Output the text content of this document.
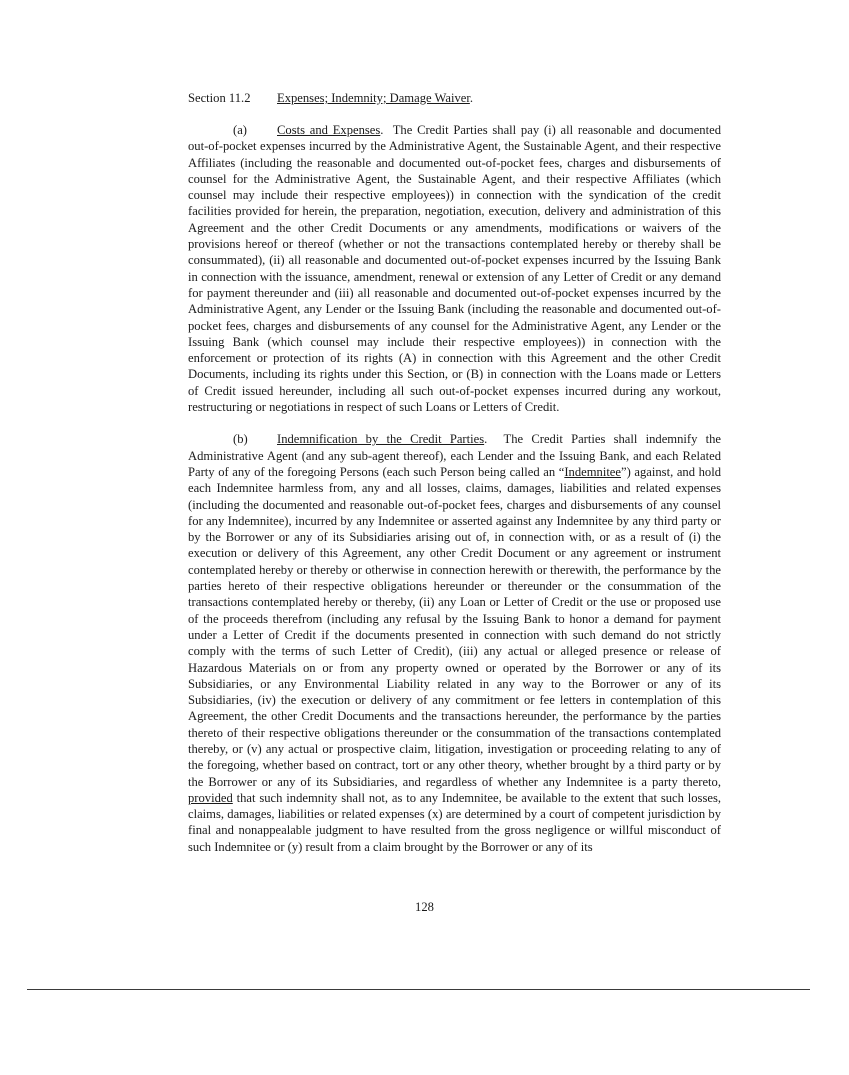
Section 11.2 Expenses; Indemnity; Damage Waiver.

(a) Costs and Expenses.  The Credit Parties shall pay (i) all reasonable and documented out-of-pocket expenses incurred by the Administrative Agent, the Sustainable Agent, and their respective Affiliates (including the reasonable and documented out-of-pocket fees, charges and disbursements of counsel for the Administrative Agent, the Sustainable Agent, and their respective Affiliates (which counsel may include their respective employees)) in connection with the syndication of the credit facilities provided for herein, the preparation, negotiation, execution, delivery and administration of this Agreement and the other Credit Documents or any amendments, modifications or waivers of the provisions hereof or thereof (whether or not the transactions contemplated hereby or thereby shall be consummated), (ii) all reasonable and documented out-of-pocket expenses incurred by the Issuing Bank in connection with the issuance, amendment, renewal or extension of any Letter of Credit or any demand for payment thereunder and (iii) all reasonable and documented out-of-pocket expenses incurred by the Administrative Agent, any Lender or the Issuing Bank (including the reasonable and documented out-of-pocket fees, charges and disbursements of any counsel for the Administrative Agent, any Lender or the Issuing Bank (which counsel may include their respective employees)) in connection with the enforcement or protection of its rights (A) in connection with this Agreement and the other Credit Documents, including its rights under this Section, or (B) in connection with the Loans made or Letters of Credit issued hereunder, including all such out-of-pocket expenses incurred during any workout, restructuring or negotiations in respect of such Loans or Letters of Credit.

(b) Indemnification by the Credit Parties.  The Credit Parties shall indemnify the Administrative Agent (and any sub-agent thereof), each Lender and the Issuing Bank, and each Related Party of any of the foregoing Persons (each such Person being called an “Indemnitee”) against, and hold each Indemnitee harmless from, any and all losses, claims, damages, liabilities and related expenses (including the documented and reasonable out-of-pocket fees, charges and disbursements of any counsel for any Indemnitee), incurred by any Indemnitee or asserted against any Indemnitee by any third party or by the Borrower or any of its Subsidiaries arising out of, in connection with, or as a result of (i) the execution or delivery of this Agreement, any other Credit Document or any agreement or instrument contemplated hereby or thereby or otherwise in connection herewith or therewith, the performance by the parties hereto of their respective obligations hereunder or thereunder or the consummation of the transactions contemplated hereby or thereby, (ii) any Loan or Letter of Credit or the use or proposed use of the proceeds therefrom (including any refusal by the Issuing Bank to honor a demand for payment under a Letter of Credit if the documents presented in connection with such demand do not strictly comply with the terms of such Letter of Credit), (iii) any actual or alleged presence or release of Hazardous Materials on or from any property owned or operated by the Borrower or any of its Subsidiaries, or any Environmental Liability related in any way to the Borrower or any of its Subsidiaries, (iv) the execution or delivery of any commitment or fee letters in contemplation of this Agreement, the other Credit Documents and the transactions hereunder, the performance by the parties thereto of their respective obligations thereunder or the consummation of the transactions contemplated thereby, or (v) any actual or prospective claim, litigation, investigation or proceeding relating to any of the foregoing, whether based on contract, tort or any other theory, whether brought by a third party or by the Borrower or any of its Subsidiaries, and regardless of whether any Indemnitee is a party thereto, provided that such indemnity shall not, as to any Indemnitee, be available to the extent that such losses, claims, damages, liabilities or related expenses (x) are determined by a court of competent jurisdiction by final and nonappealable judgment to have resulted from the gross negligence or willful misconduct of such Indemnitee or (y) result from a claim brought by the Borrower or any of its

128
